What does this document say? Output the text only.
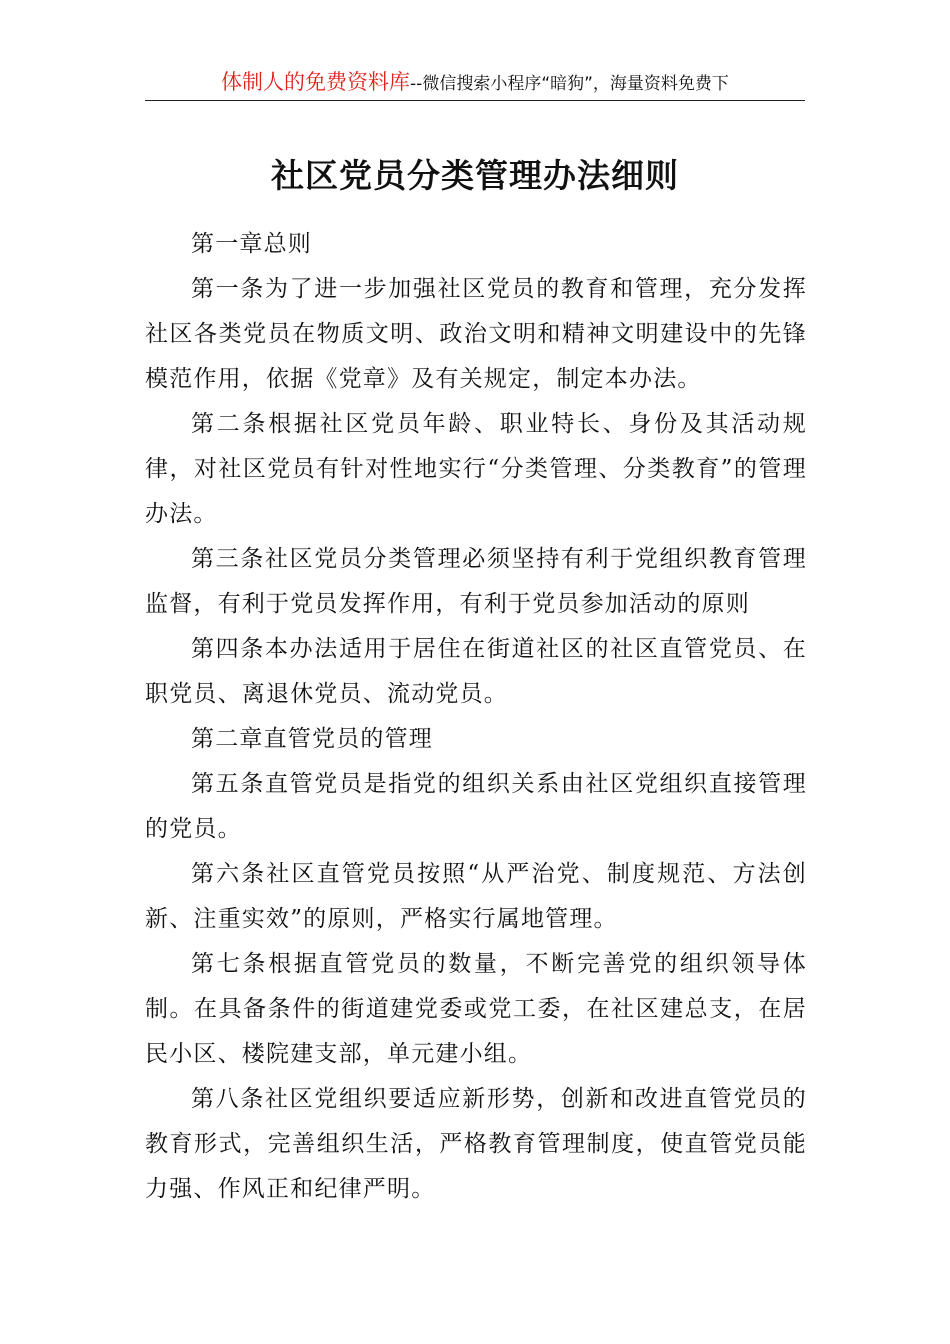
体制人的免费资料库--微信搜索小程序“暗狗”，海量资料免费下
社区党员分类管理办法细则

第一章总则

第一条为了进一步加强社区党员的教育和管理，充分发挥社区各类党员在物质文明、政治文明和精神文明建设中的先锋模范作用，依据《党章》及有关规定，制定本办法。

第二条根据社区党员年龄、职业特长、身份及其活动规律，对社区党员有针对性地实行“分类管理、分类教育”的管理办法。

第三条社区党员分类管理必须坚持有利于党组织教育管理监督，有利于党员发挥作用，有利于党员参加活动的原则

第四条本办法适用于居住在街道社区的社区直管党员、在职党员、离退休党员、流动党员。

第二章直管党员的管理

第五条直管党员是指党的组织关系由社区党组织直接管理的党员。

第六条社区直管党员按照“从严治党、制度规范、方法创新、注重实效”的原则，严格实行属地管理。

第七条根据直管党员的数量，不断完善党的组织领导体制。在具备条件的街道建党委或党工委，在社区建总支，在居民小区、楼院建支部，单元建小组。

第八条社区党组织要适应新形势，创新和改进直管党员的教育形式，完善组织生活，严格教育管理制度，使直管党员能力强、作风正和纪律严明。
